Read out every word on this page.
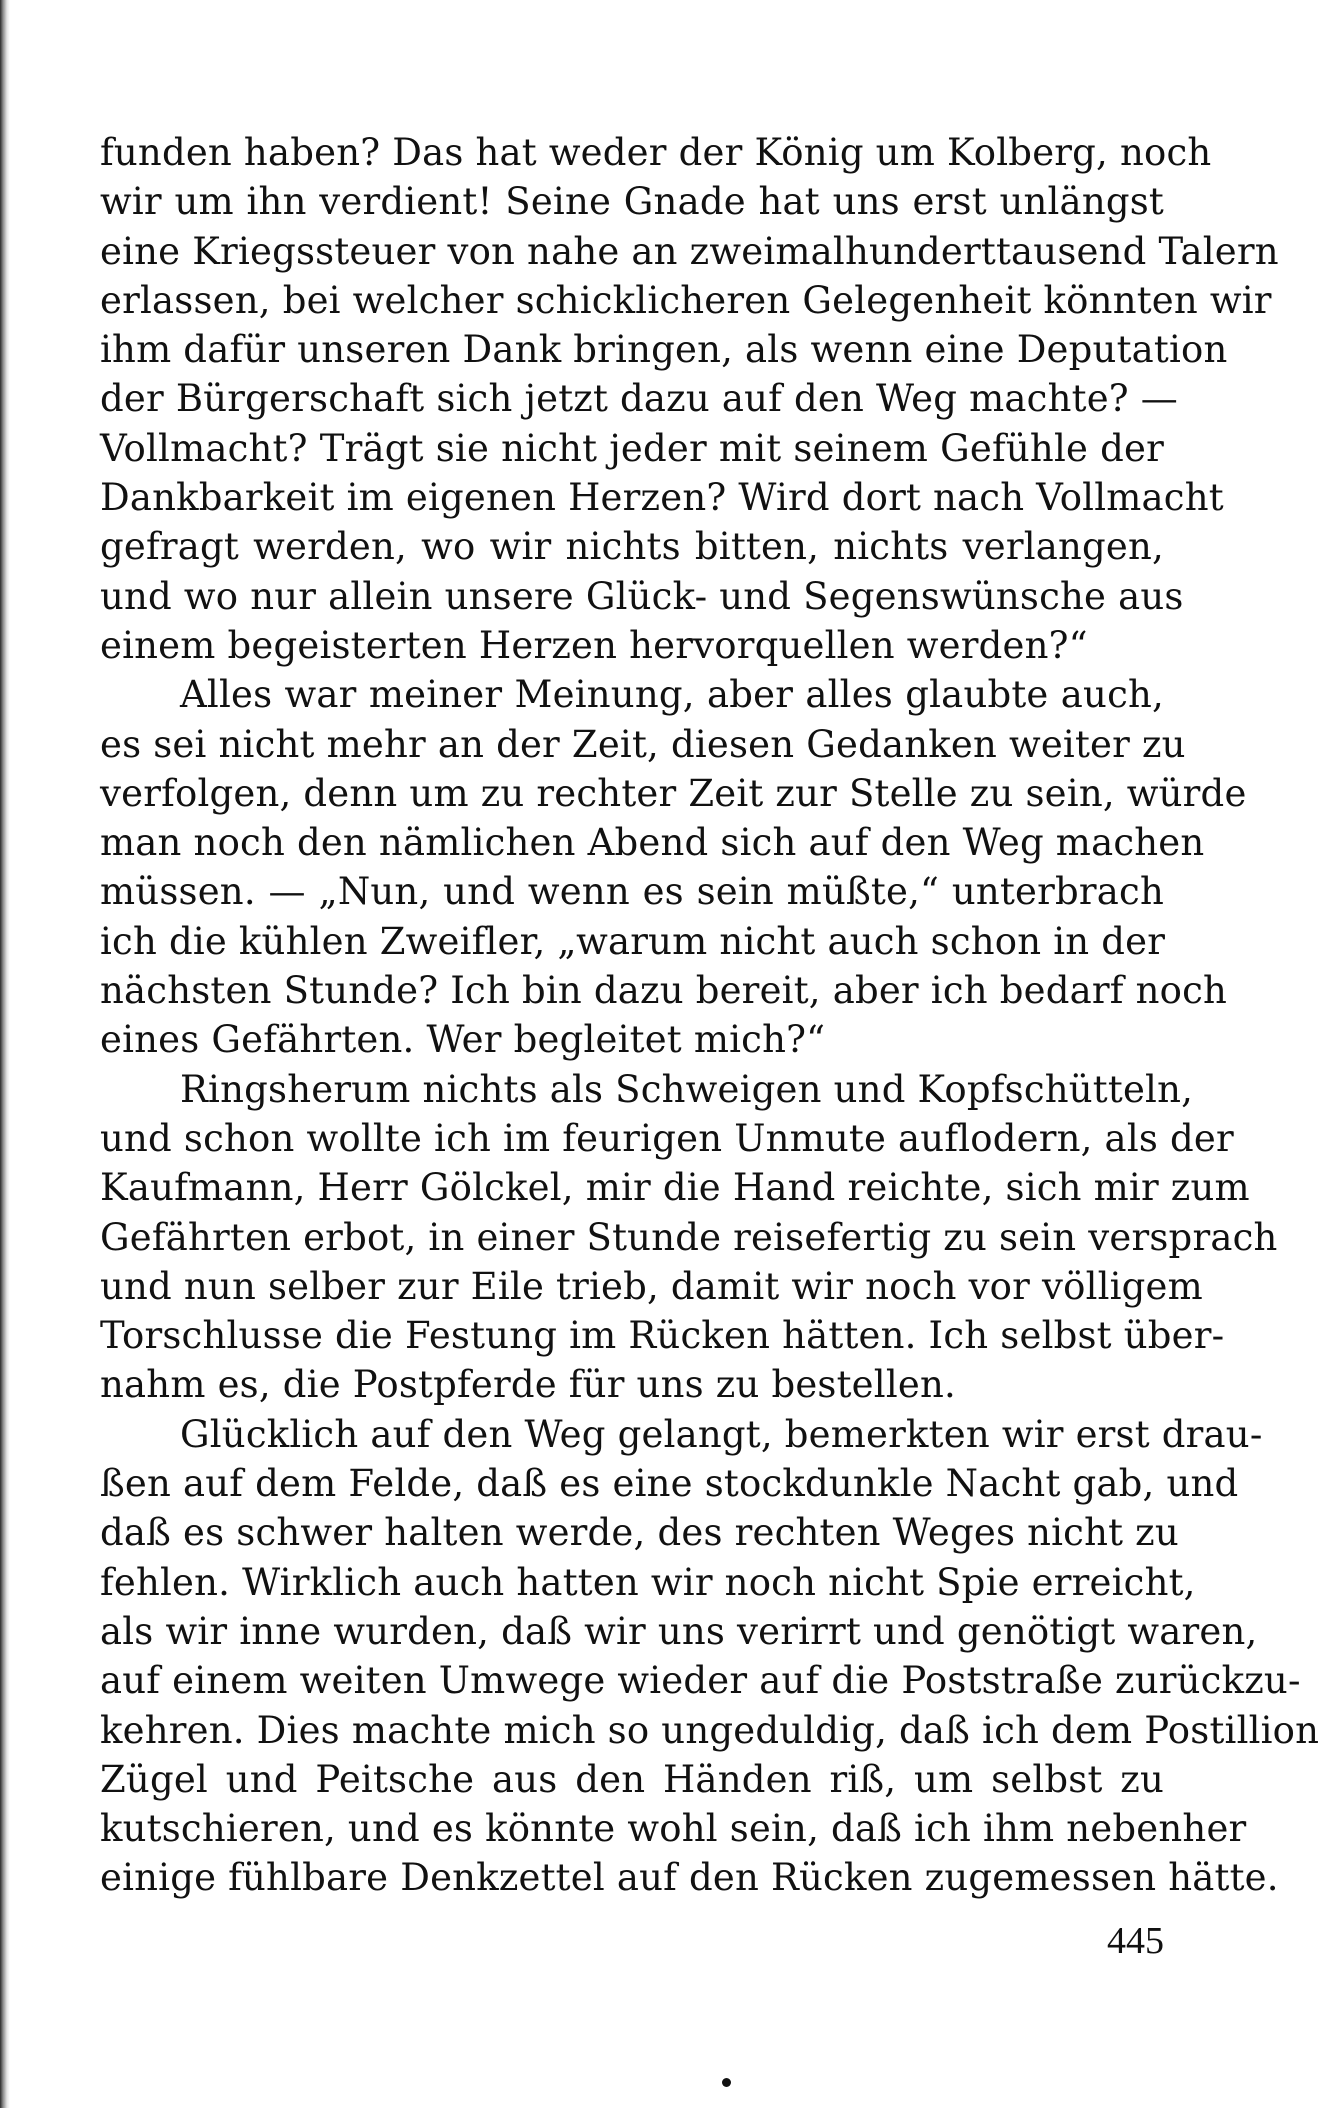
funden haben? Das hat weder der König um Kolberg, noch
wir um ihn verdient! Seine Gnade hat uns erst unlängst
eine Kriegssteuer von nahe an zweimalhunderttausend Talern
erlassen, bei welcher schicklicheren Gelegenheit könnten wir
ihm dafür unseren Dank bringen, als wenn eine Deputation
der Bürgerschaft sich jetzt dazu auf den Weg machte? —
Vollmacht? Trägt sie nicht jeder mit seinem Gefühle der
Dankbarkeit im eigenen Herzen? Wird dort nach Vollmacht
gefragt werden, wo wir nichts bitten, nichts verlangen,
und wo nur allein unsere Glück- und Segenswünsche aus
einem begeisterten Herzen hervorquellen werden?“
Alles war meiner Meinung, aber alles glaubte auch,
es sei nicht mehr an der Zeit, diesen Gedanken weiter zu
verfolgen, denn um zu rechter Zeit zur Stelle zu sein, würde
man noch den nämlichen Abend sich auf den Weg machen
müssen. — „Nun, und wenn es sein müßte,“ unterbrach
ich die kühlen Zweifler, „warum nicht auch schon in der
nächsten Stunde? Ich bin dazu bereit, aber ich bedarf noch
eines Gefährten. Wer begleitet mich?“
Ringsherum nichts als Schweigen und Kopfschütteln,
und schon wollte ich im feurigen Unmute auflodern, als der
Kaufmann, Herr Gölckel, mir die Hand reichte, sich mir zum
Gefährten erbot, in einer Stunde reisefertig zu sein versprach
und nun selber zur Eile trieb, damit wir noch vor völligem
Torschlusse die Festung im Rücken hätten. Ich selbst über-
nahm es, die Postpferde für uns zu bestellen.
Glücklich auf den Weg gelangt, bemerkten wir erst drau-
ßen auf dem Felde, daß es eine stockdunkle Nacht gab, und
daß es schwer halten werde, des rechten Weges nicht zu
fehlen. Wirklich auch hatten wir noch nicht Spie erreicht,
als wir inne wurden, daß wir uns verirrt und genötigt waren,
auf einem weiten Umwege wieder auf die Poststraße zurückzu-
kehren. Dies machte mich so ungeduldig, daß ich dem Postillion
Zügel und Peitsche aus den Händen riß, um selbst zu
kutschieren, und es könnte wohl sein, daß ich ihm nebenher
einige fühlbare Denkzettel auf den Rücken zugemessen hätte.
445
